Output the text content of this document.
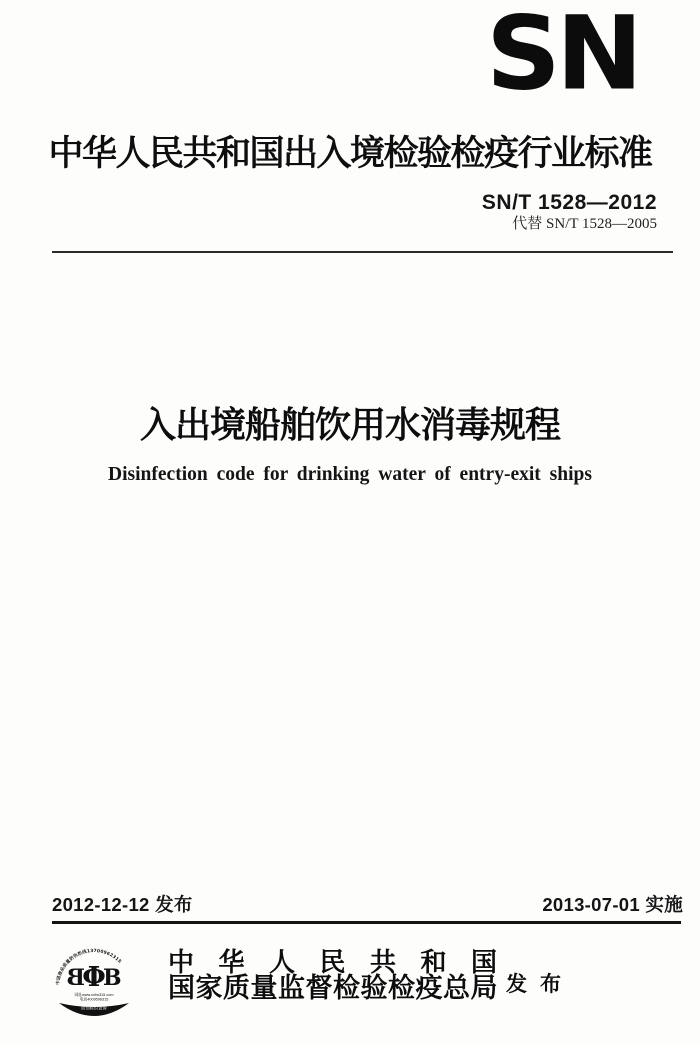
SN
中华人民共和国出入境检验检疫行业标准
SN/T 1528—2012
代替 SN/T 1528—2005
入出境船舶饮用水消毒规程
Disinfection code for drinking water of entry-exit ships
2012-12-12 发布	2013-07-01 实施
中国商品质量防伪热线13700962315
Φ
B
B
网址www.cnfw315.com
电话4009596315
防伪标识查询
中华人民共和国
国家质量监督检验检疫总局 发布
